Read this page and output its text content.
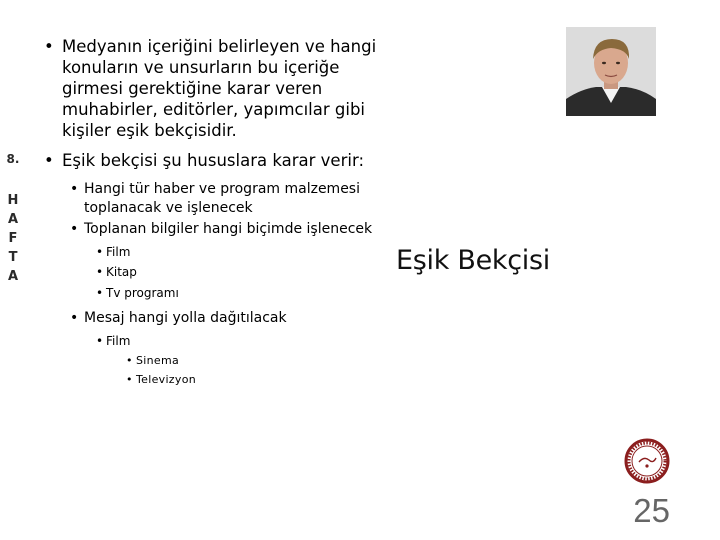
8.
H
A
F
T
A
• Medyanın içeriğini belirleyen ve hangi konuların ve unsurların bu içeriğe girmesi gerektiğine karar veren muhabirler, editörler, yapımcılar gibi kişiler eşik bekçisidir.
• Eşik bekçisi şu hususlara karar verir:
• Hangi tür haber ve program malzemesi toplanacak ve işlenecek
• Toplanan bilgiler hangi biçimde işlenecek
• Film
• Kitap
• Tv programı
• Mesaj hangi yolla dağıtılacak
• Film
• Sinema
• Televizyon
Eşik Bekçisi
25
